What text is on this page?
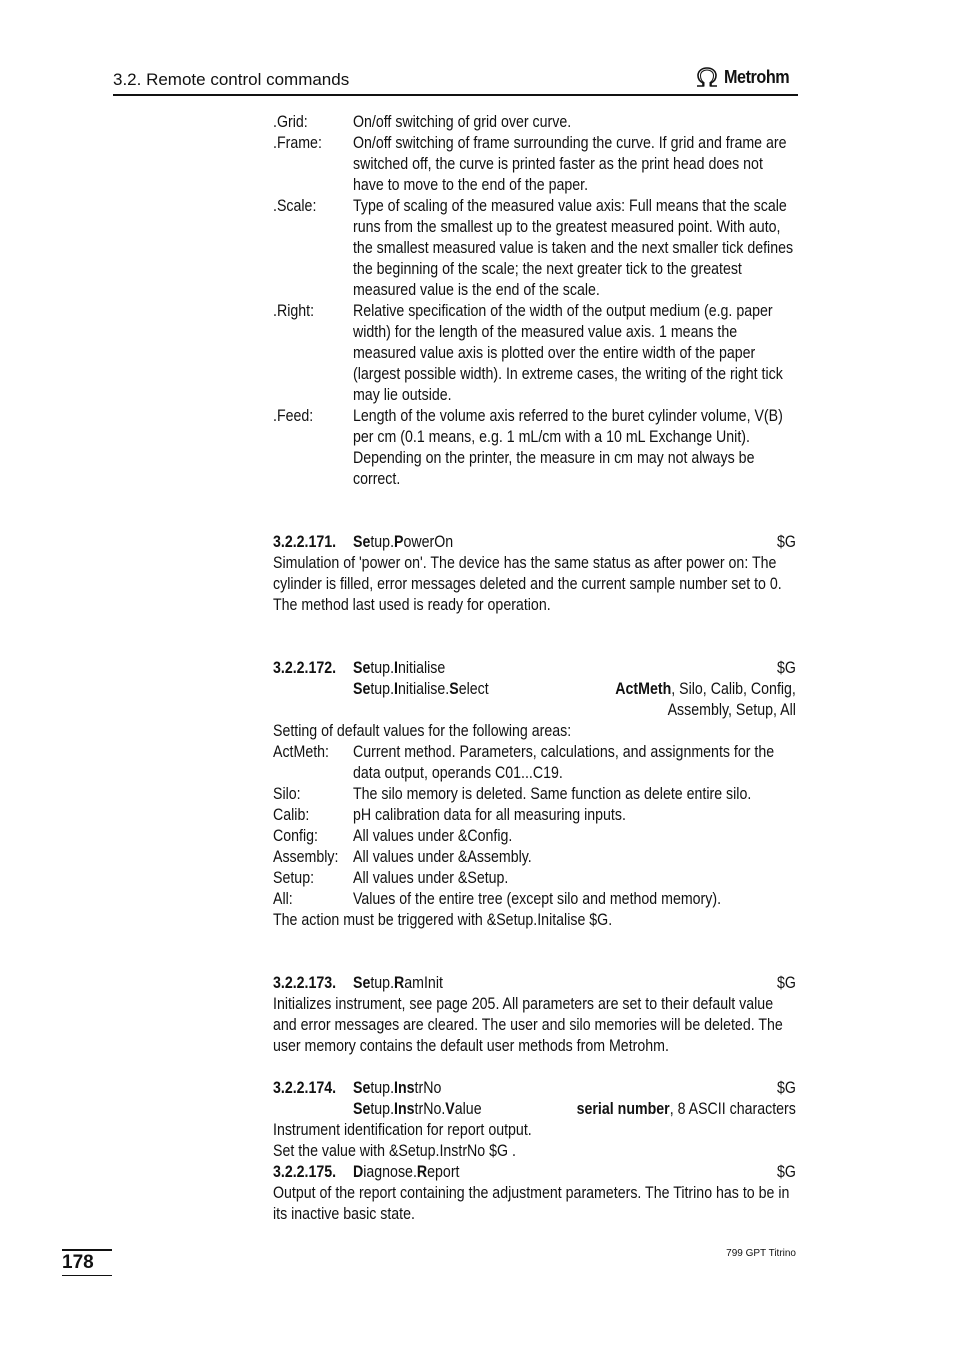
3.2. Remote control commands	Metrohm
.Grid:	On/off switching of grid over curve.
.Frame:	On/off switching of frame surrounding the curve. If grid and frame are switched off, the curve is printed faster as the print head does not have to move to the end of the paper.
.Scale:	Type of scaling of the measured value axis: Full means that the scale runs from the smallest up to the greatest measured point. With auto, the smallest measured value is taken and the next smaller tick defines the beginning of the scale; the next greater tick to the greatest measured value is the end of the scale.
.Right:	Relative specification of the width of the output medium (e.g. paper width) for the length of the measured value axis. 1 means the measured value axis is plotted over the entire width of the paper (largest possible width). In extreme cases, the writing of the right tick may lie outside.
.Feed:	Length of the volume axis referred to the buret cylinder volume, V(B) per cm (0.1 means, e.g. 1 mL/cm with a 10 mL Exchange Unit). Depending on the printer, the measure in cm may not always be correct.
3.2.2.171. Setup.PowerOn	$G
Simulation of 'power on'. The device has the same status as after power on: The cylinder is filled, error messages deleted and the current sample number set to 0. The method last used is ready for operation.
3.2.2.172. Setup.Initialise	$G
Setup.Initialise.Select	ActMeth, Silo, Calib, Config,
Assembly, Setup, All
Setting of default values for the following areas:
ActMeth:	Current method. Parameters, calculations, and assignments for the data output, operands C01...C19.
Silo:	The silo memory is deleted. Same function as delete entire silo.
Calib:	pH calibration data for all measuring inputs.
Config:	All values under &Config.
Assembly: All values under &Assembly.
Setup:	All values under &Setup.
All:	Values of the entire tree (except silo and method memory).
The action must be triggered with &Setup.Initalise $G.
3.2.2.173. Setup.RamInit	$G
Initializes instrument, see page 205. All parameters are set to their default value and error messages are cleared. The user and silo memories will be deleted. The user memory contains the default user methods from Metrohm.
3.2.2.174. Setup.InstrNo	$G
Setup.InstrNo.Value	serial number, 8 ASCII characters
Instrument identification for report output.
Set the value with &Setup.InstrNo $G .
3.2.2.175. Diagnose.Report	$G
Output of the report containing the adjustment parameters. The Titrino has to be in its inactive basic state.
178	799 GPT Titrino
